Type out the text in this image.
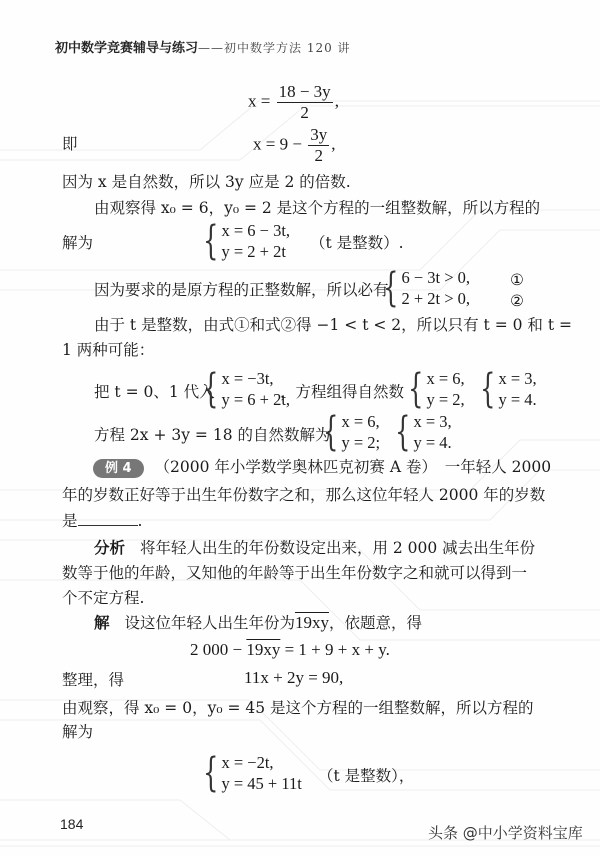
初中数学竞赛辅导与练习——初中数学方法 120 讲
$x = \frac{18 - 3y}{2}$ ,
即	$x = 9 - \frac{3y}{2}$ ,
因为 x 是自然数，所以 3y 应是 2 的倍数.
由观察得 x₀ = 6，y₀ = 2 是这个方程的一组整数解，所以方程的
解为	{ x = 6 − 3t,
y = 2 + 2t （t 是整数）.
因为要求的是原方程的正整数解，所以必有
{ 6 − 3t > 0,
2 + 2t > 0,
①
②
由于 t 是整数，由式①和式②得 −1 < t < 2，所以只有 t = 0 和 t =
1 两种可能：
把 t = 0、1 代入
{ x = −3t,
y = 6 + 2t,
，方程组得自然数 { x = 6,
y = 2, { x = 3,
y = 4.
方程 2x + 3y = 18 的自然数解为
{ x = 6,
y = 2; { x = 3,
y = 4.
例 4 （2000 年小学数学奥林匹克初赛 A 卷）　一年轻人 2000
年的岁数正好等于出生年份数字之和，那么这位年轻人 2000 年的岁数
是	.
分析 将年轻人出生的年份数设定出来，用 2 000 减去出生年份
数等于他的年龄，又知他的年龄等于出生年份数字之和就可以得到一
个不定方程.
解 设这位年轻人出生年份为19xy，依题意，得
2 000 − 19xy = 1 + 9 + x + y.
整理，得	11x + 2y = 90,
由观察，得 x₀ = 0，y₀ = 45 是这个方程的一组整数解，所以方程的
解为
{ x = −2t,
y = 45 + 11t （t 是整数），
184	头条 @中小学资料宝库
